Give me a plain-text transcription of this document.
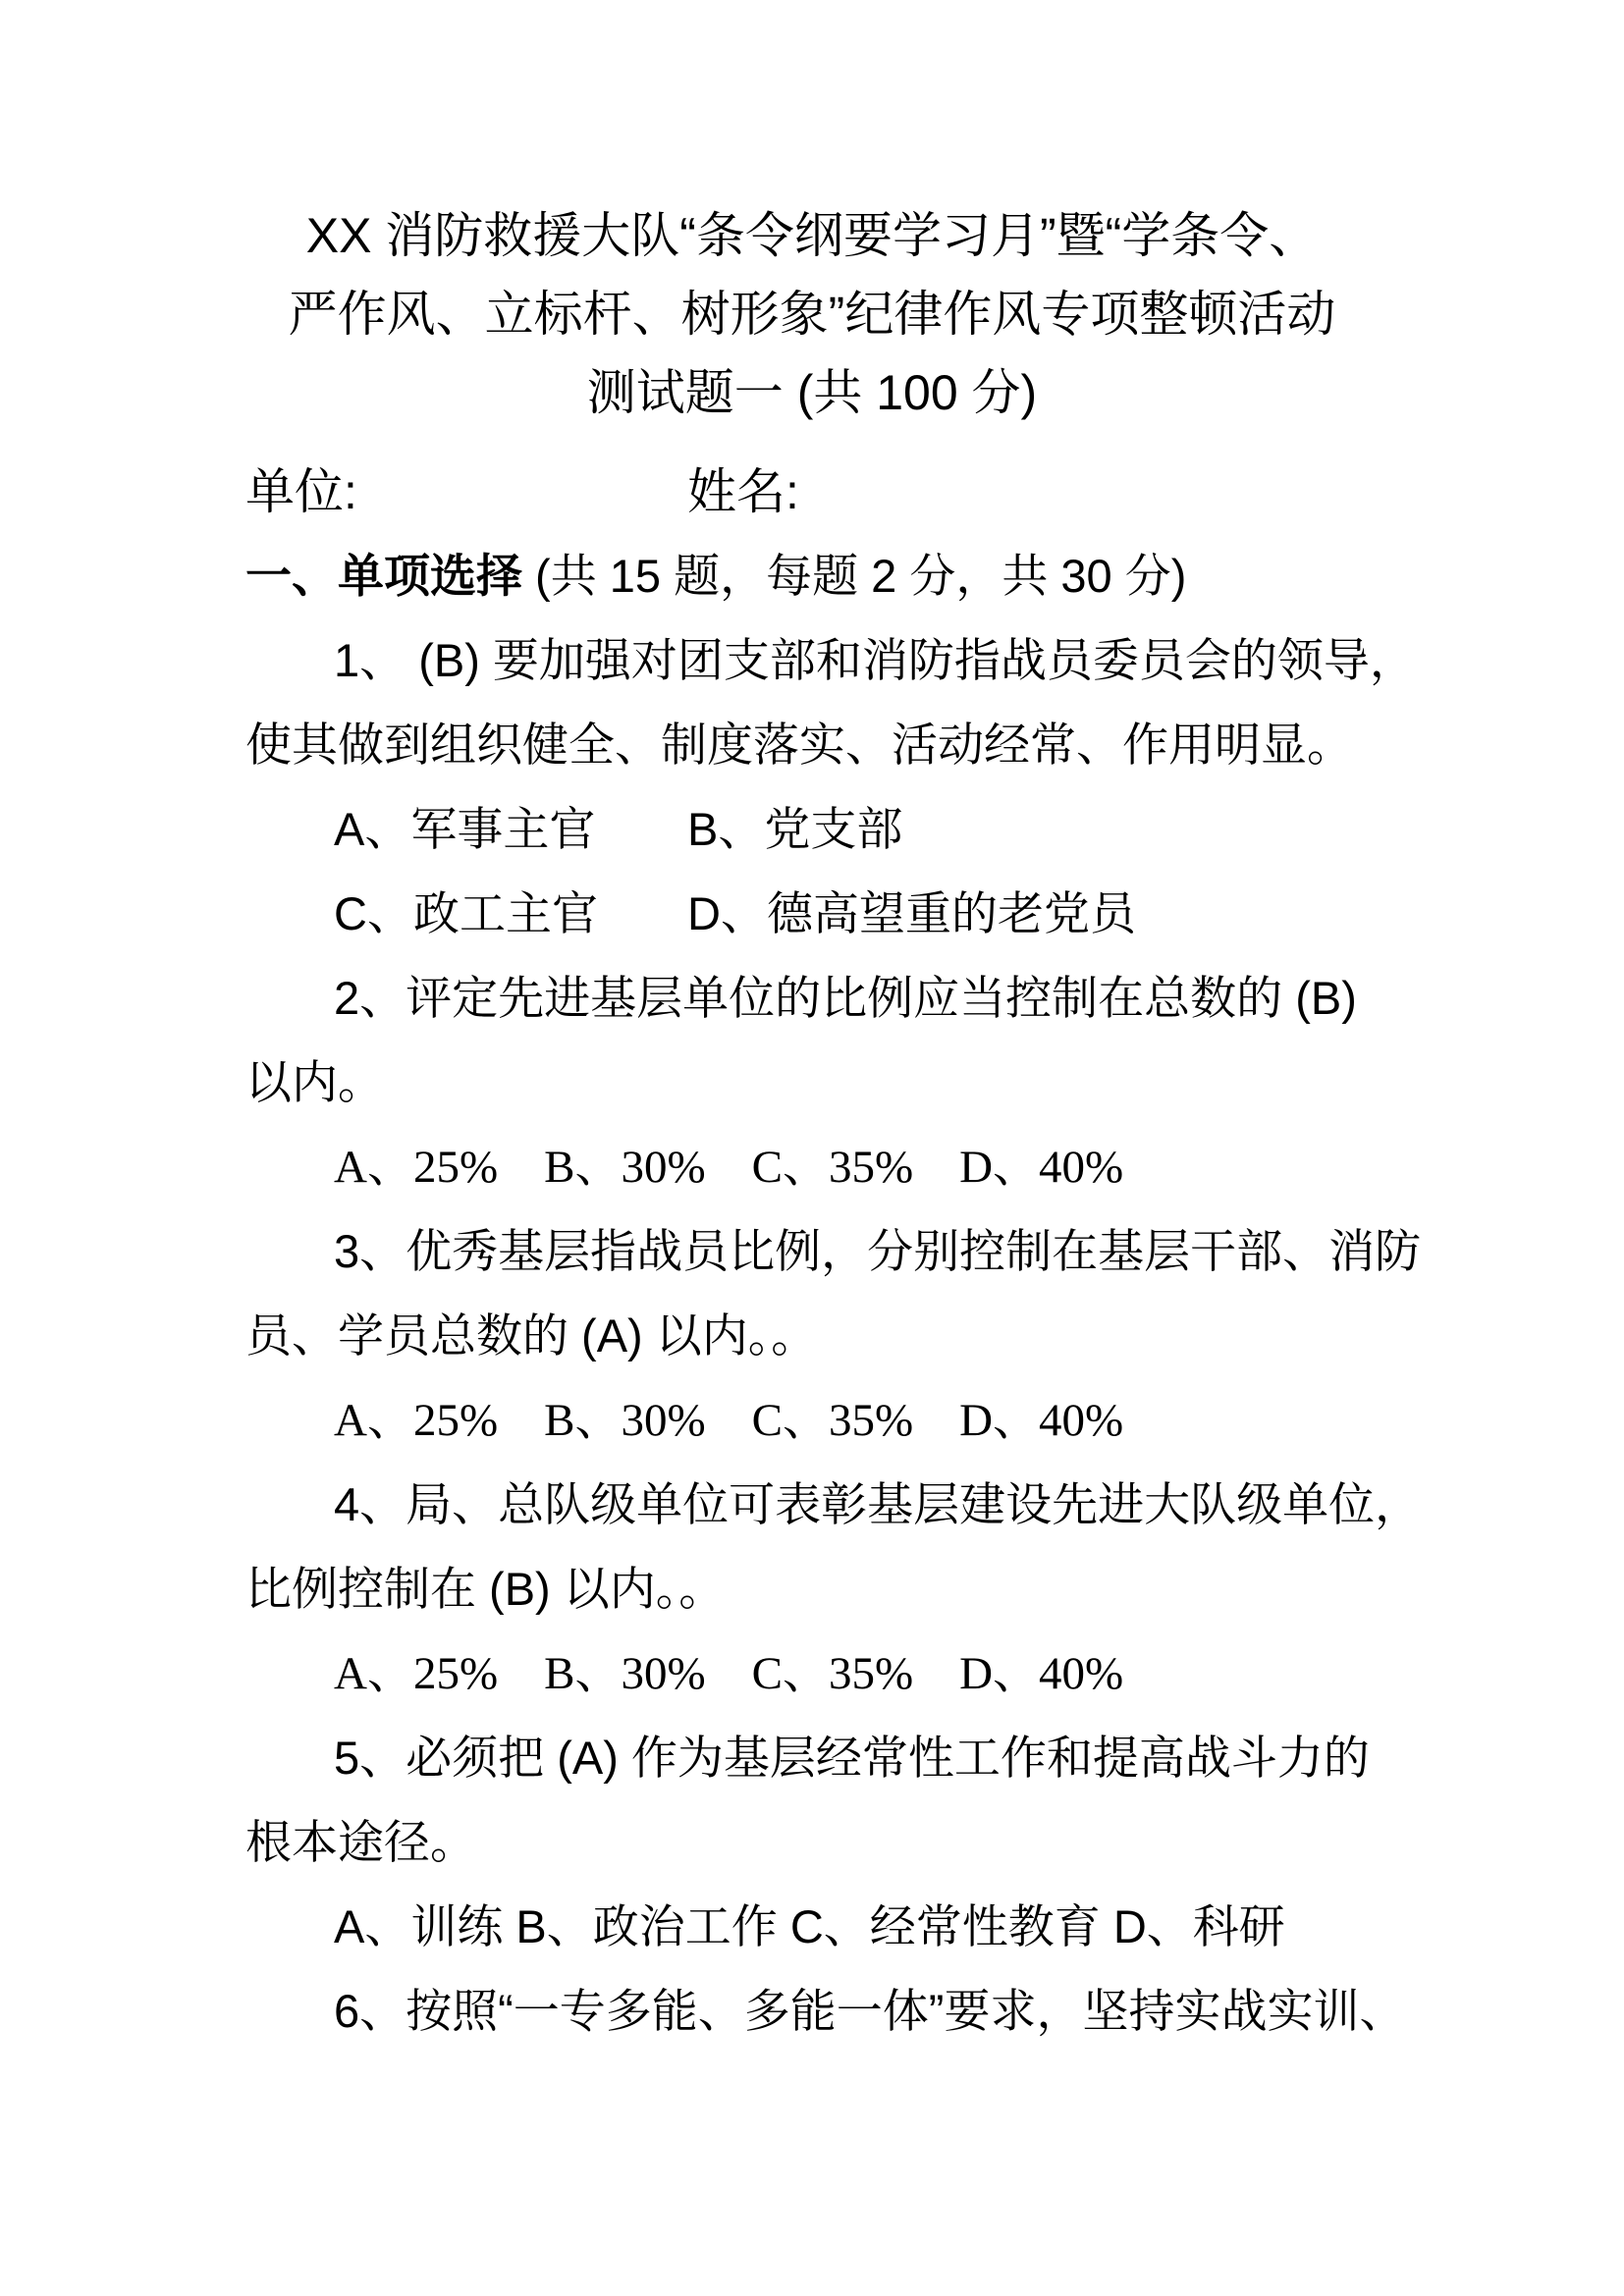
XX 消防救援大队“条令纲要学习月”暨“学条令、
严作风、立标杆、树形象”纪律作风专项整顿活动
测试题一 (共 100 分)
单位:	姓名:
一、单项选择 (共 15 题，每题 2 分，共 30 分)
1、 (B) 要加强对团支部和消防指战员委员会的领导，
使其做到组织健全、制度落实、活动经常、作用明显。
A、军事主官 B、党支部
C、政工主官 D、德高望重的老党员
2、评定先进基层单位的比例应当控制在总数的 (B)
以内。
A、25%　B、30%　C、35%　D、40%
3、优秀基层指战员比例，分别控制在基层干部、消防
员、学员总数的 (A) 以内。。
A、25%　B、30%　C、35%　D、40%
4、局、总队级单位可表彰基层建设先进大队级单位，
比例控制在 (B) 以内。。
A、25%　B、30%　C、35%　D、40%
5、必须把 (A) 作为基层经常性工作和提高战斗力的
根本途径。
A、训练 B、政治工作 C、经常性教育 D、科研
6、按照“一专多能、多能一体”要求，坚持实战实训、
